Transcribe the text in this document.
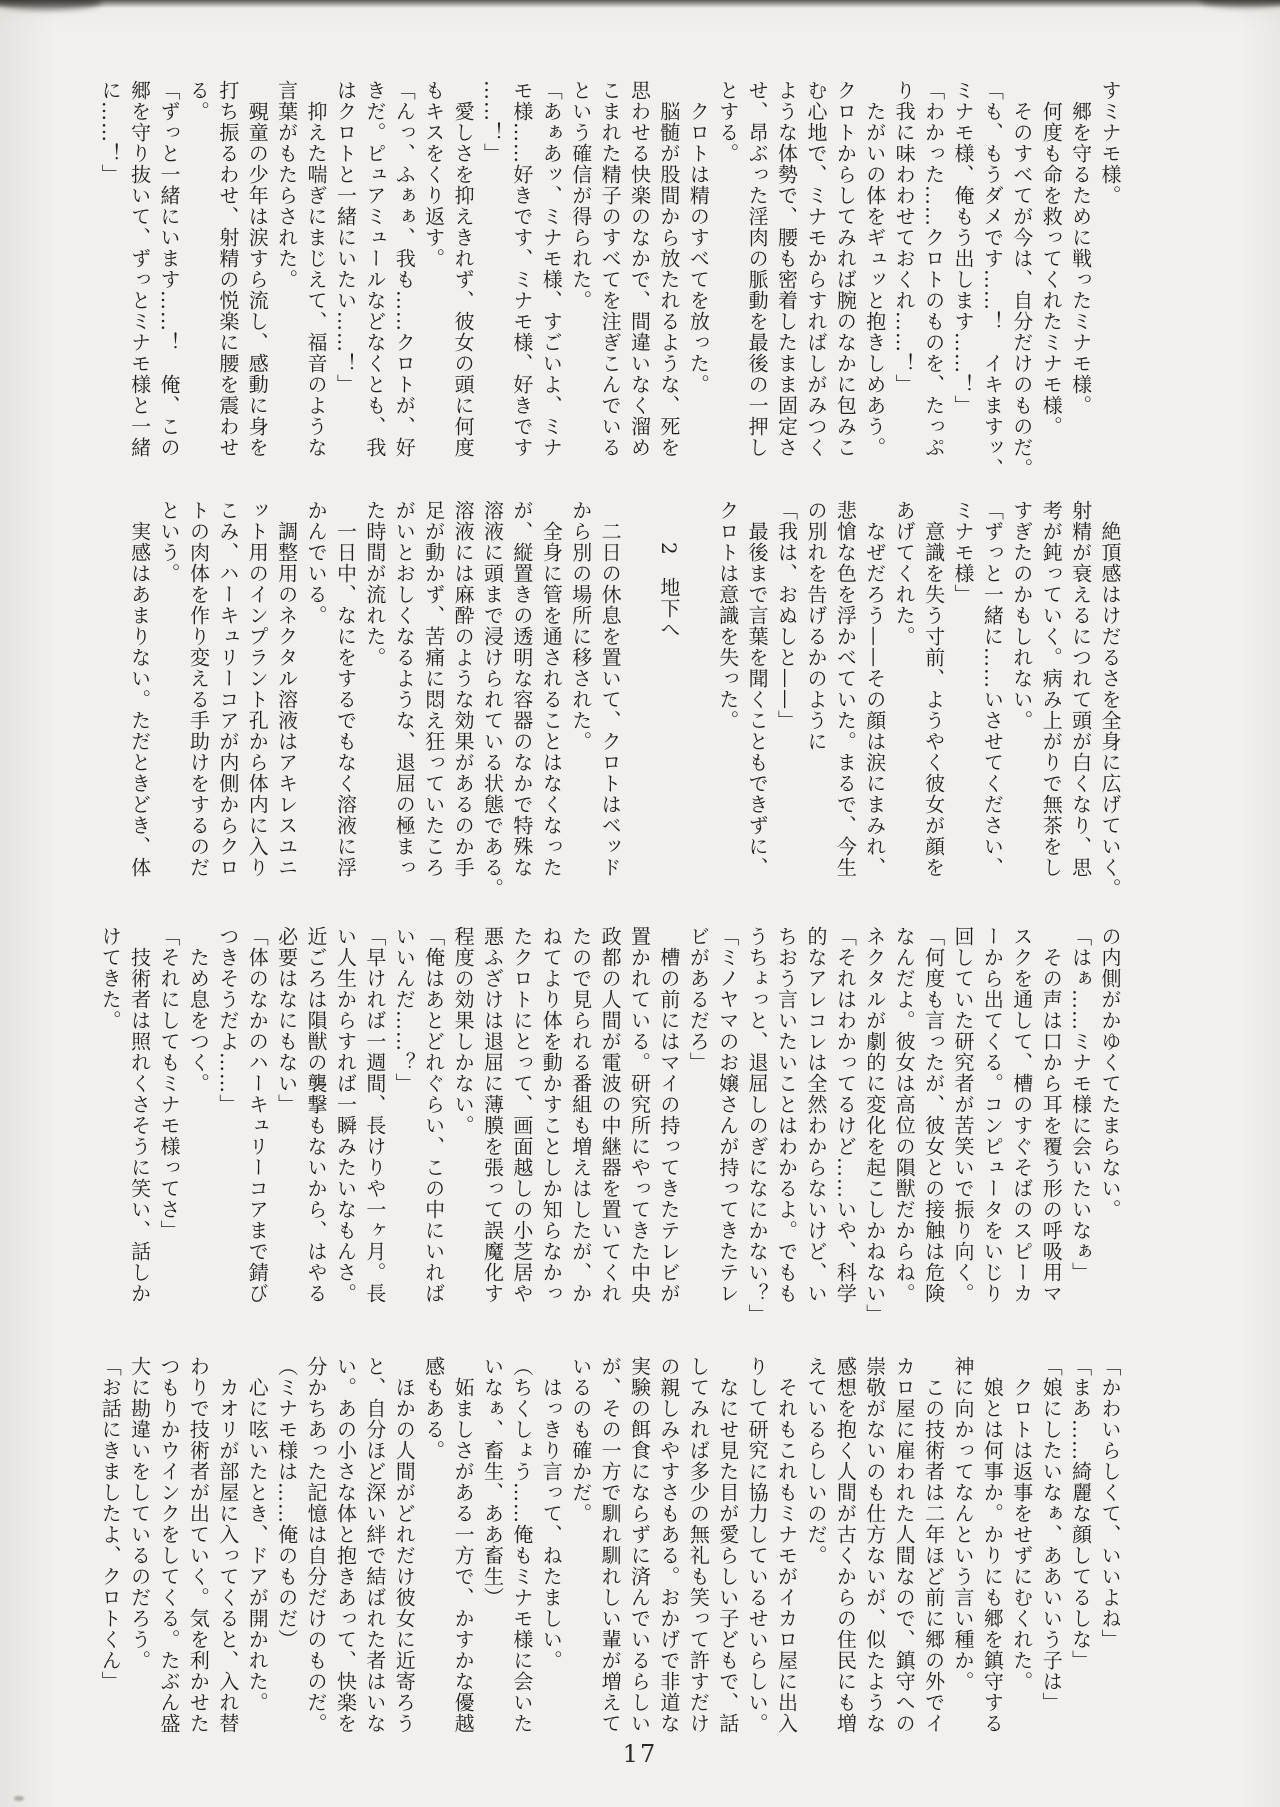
すミナモ様。
　郷を守るために戦ったミナモ様。
　何度も命を救ってくれたミナモ様。
　そのすべてが今は、自分だけのものだ。
「も、もうダメです……！　イキますッ、
ミナモ様、俺もう出します……！」
「わかった……クロトのものを、たっぷ
り我に味わわせておくれ……！」
　たがいの体をギュッと抱きしめあう。
クロトからしてみれば腕のなかに包みこ
む心地で、ミナモからすればしがみつく
ような体勢で、腰も密着したまま固定さ
せ、昂ぶった淫肉の脈動を最後の一押し
とする。
　クロトは精のすべてを放った。
　脳髄が股間から放たれるような、死を
思わせる快楽のなかで、間違いなく溜め
こまれた精子のすべてを注ぎこんでいる
という確信が得られた。
「あぁあッ、ミナモ様、すごいよ、ミナ
モ様……好きです、ミナモ様、好きです
……！」
　愛しさを抑えきれず、彼女の頭に何度
もキスをくり返す。
「んっ、ふぁぁ、我も……クロトが、好
きだ。ピュアミュールなどなくとも、我
はクロトと一緒にいたい……！」
　抑えた喘ぎにまじえて、福音のような
言葉がもたらされた。
　覡童の少年は涙すら流し、感動に身を
打ち振るわせ、射精の悦楽に腰を震わせ
る。
「ずっと一緒にいます……！　俺、この
郷を守り抜いて、ずっとミナモ様と一緒
に……！」
　絶頂感はけだるさを全身に広げていく。
射精が衰えるにつれて頭が白くなり、思
考が鈍っていく。病み上がりで無茶をし
すぎたのかもしれない。
「ずっと一緒に……いさせてください、
ミナモ様」
　意識を失う寸前、ようやく彼女が顔を
あげてくれた。
　なぜだろう——その顔は涙にまみれ、
悲愴な色を浮かべていた。まるで、今生
の別れを告げるかのように
「我は、おぬしと——」
　最後まで言葉を聞くこともできずに、
クロトは意識を失った。
　　2　地下へ
　二日の休息を置いて、クロトはベッド
から別の場所に移された。
　全身に管を通されることはなくなった
が、縦置きの透明な容器のなかで特殊な
溶液に頭まで浸けられている状態である。
溶液には麻酔のような効果があるのか手
足が動かず、苦痛に悶え狂っていたころ
がいとおしくなるような、退屈の極まっ
た時間が流れた。
　一日中、なにをするでもなく溶液に浮
かんでいる。
　調整用のネクタル溶液はアキレスユニ
ット用のインプラント孔から体内に入り
こみ、ハーキュリーコアが内側からクロ
トの肉体を作り変える手助けをするのだ
という。
　実感はあまりない。ただときどき、体
の内側がかゆくてたまらない。
「はぁ……ミナモ様に会いたいなぁ」
　その声は口から耳を覆う形の呼吸用マ
スクを通して、槽のすぐそばのスピーカ
ーから出てくる。コンピュータをいじり
回していた研究者が苦笑いで振り向く。
「何度も言ったが、彼女との接触は危険
なんだよ。彼女は高位の隕獣だからね。
ネクタルが劇的に変化を起こしかねない」
「それはわかってるけど……いや、科学
的なアレコレは全然わからないけど、い
ちおう言いたいことはわかるよ。でもも
うちょっと、退屈しのぎになにかない？」
「ミノヤマのお嬢さんが持ってきたテレ
ビがあるだろ」
　槽の前にはマイの持ってきたテレビが
置かれている。研究所にやってきた中央
政都の人間が電波の中継器を置いてくれ
たので見られる番組も増えはしたが、か
ねてより体を動かすことしか知らなかっ
たクロトにとって、画面越しの小芝居や
悪ふざけは退屈に薄膜を張って誤魔化す
程度の効果しかない。
「俺はあとどれぐらい、この中にいれば
いいんだ……？」
「早ければ一週間、長けりや一ヶ月。長
い人生からすれば一瞬みたいなもんさ。
近ごろは隕獣の襲撃もないから、はやる
必要はなにもない」
「体のなかのハーキュリーコアまで錆び
つきそうだよ……」
　ため息をつく。
「それにしてもミナモ様ってさ」
　技術者は照れくさそうに笑い、話しか
けてきた。
「かわいらしくて、いいよね」
「まあ……綺麗な顔してるしな」
「娘にしたいなぁ、ああいいう子は」
　クロトは返事をせずにむくれた。
　娘とは何事か。かりにも郷を鎮守する
神に向かってなんという言い種か。
　この技術者は二年ほど前に郷の外でイ
カロ屋に雇われた人間なので、鎮守への
崇敬がないのも仕方ないが、似たような
感想を抱く人間が古くからの住民にも増
えているらしいのだ。
　それもこれもミナモがイカロ屋に出入
りして研究に協力しているせいらしい。
　なにせ見た目が愛らしい子どもで、話
してみれば多少の無礼も笑って許すだけ
の親しみやすさもある。おかげで非道な
実験の餌食にならずに済んでいるらしい
が、その一方で馴れ馴れしい輩が増えて
いるのも確かだ。
　はっきり言って、ねたましい。
（ちくしょう……俺もミナモ様に会いた
いなぁ、畜生、ああ畜生）
　妬ましさがある一方で、かすかな優越
感もある。
　ほかの人間がどれだけ彼女に近寄ろう
と、自分ほど深い絆で結ばれた者はいな
い。あの小さな体と抱きあって、快楽を
分かちあった記憶は自分だけのものだ。
（ミナモ様は……俺のものだ）
　心に呟いたとき、ドアが開かれた。
　カオリが部屋に入ってくると、入れ替
わりで技術者が出ていく。気を利かせた
つもりかウインクをしてくる。たぶん盛
大に勘違いをしているのだろう。
「お話にきましたよ、クロトくん」
17
